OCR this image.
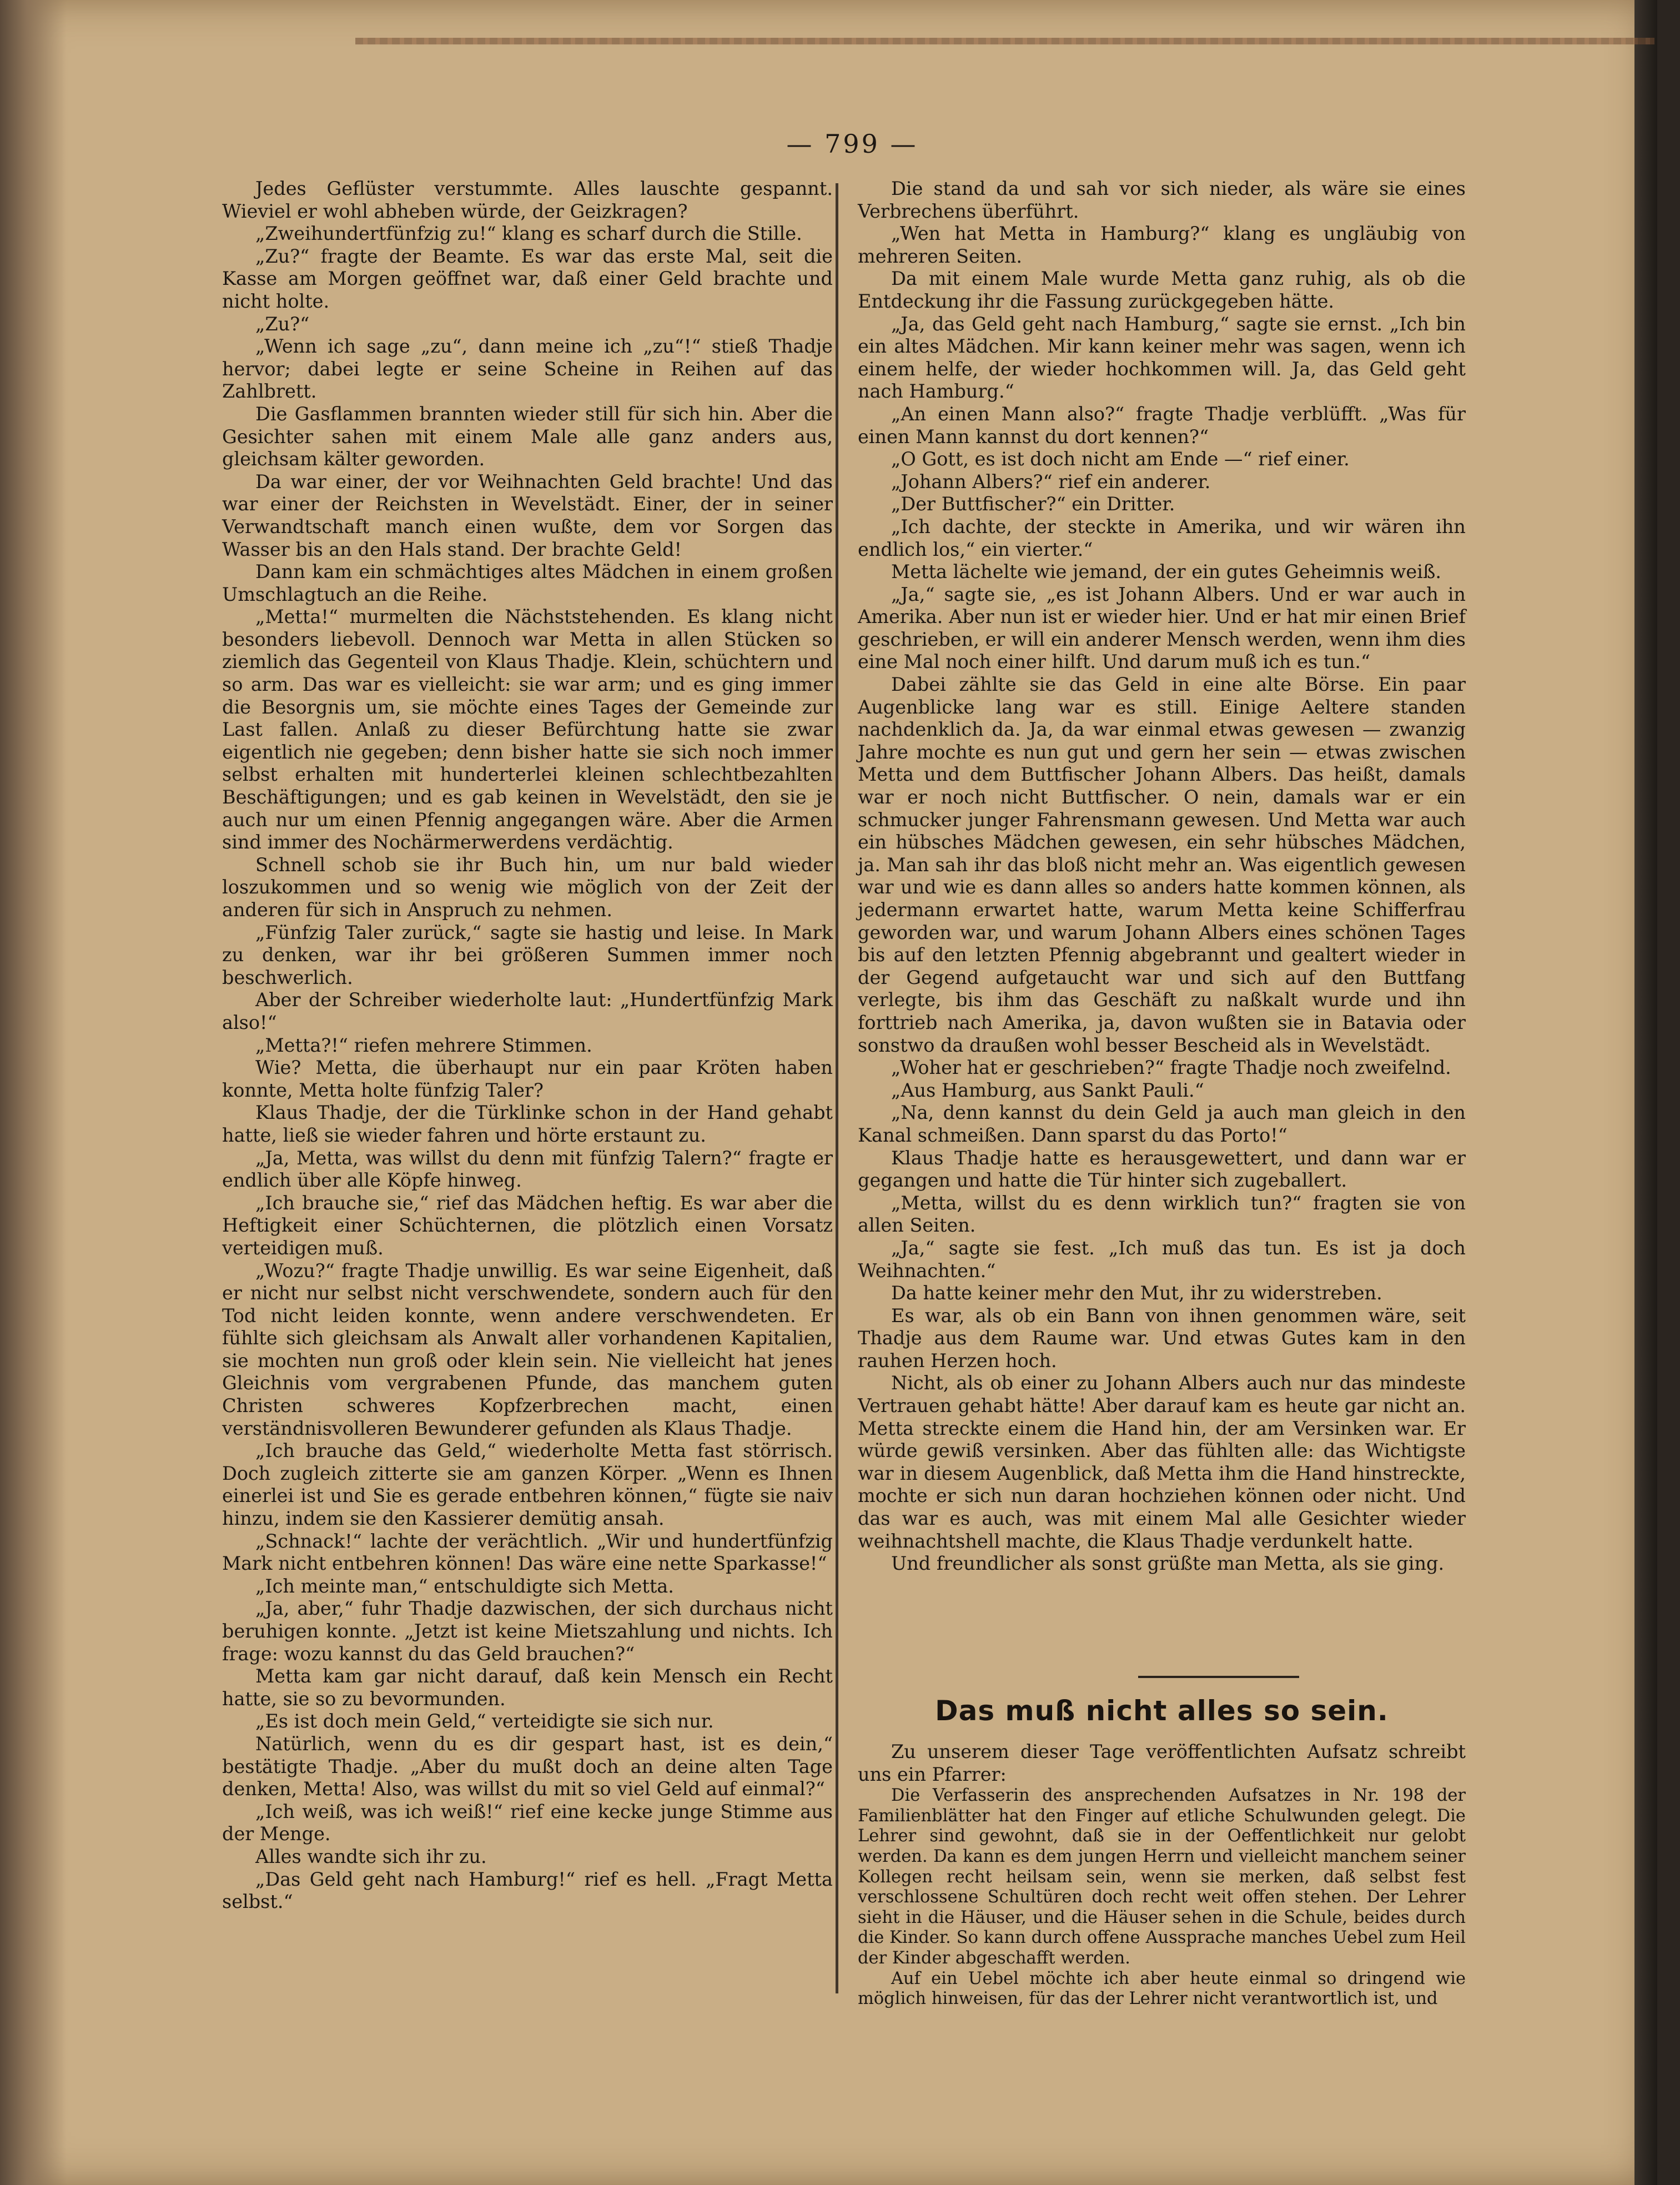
— 799 —

Jedes Geflüster verstummte. Alles lauschte gespannt. Wieviel er wohl abheben würde, der Geizkragen?

„Zweihundertfünfzig zu!“ klang es scharf durch die Stille.

„Zu?“ fragte der Beamte. Es war das erste Mal, seit die Kasse am Morgen geöffnet war, daß einer Geld brachte und nicht holte.

„Zu?“

„Wenn ich sage „zu“, dann meine ich „zu“!“ stieß Thadje hervor; dabei legte er seine Scheine in Reihen auf das Zahlbrett.

Die Gasflammen brannten wieder still für sich hin. Aber die Gesichter sahen mit einem Male alle ganz anders aus, gleichsam kälter geworden.

Da war einer, der vor Weihnachten Geld brachte! Und das war einer der Reichsten in Wevelstädt. Einer, der in seiner Verwandtschaft manch einen wußte, dem vor Sorgen das Wasser bis an den Hals stand. Der brachte Geld!

Dann kam ein schmächtiges altes Mädchen in einem großen Umschlagtuch an die Reihe.

„Metta!“ murmelten die Nächststehenden. Es klang nicht besonders liebevoll. Dennoch war Metta in allen Stücken so ziemlich das Gegenteil von Klaus Thadje. Klein, schüchtern und so arm. Das war es vielleicht: sie war arm; und es ging immer die Besorgnis um, sie möchte eines Tages der Gemeinde zur Last fallen. Anlaß zu dieser Befürchtung hatte sie zwar eigentlich nie gegeben; denn bisher hatte sie sich noch immer selbst erhalten mit hunderterlei kleinen schlechtbezahlten Beschäftigungen; und es gab keinen in Wevelstädt, den sie je auch nur um einen Pfennig angegangen wäre. Aber die Armen sind immer des Nochärmerwerdens verdächtig.

Schnell schob sie ihr Buch hin, um nur bald wieder loszukommen und so wenig wie möglich von der Zeit der anderen für sich in Anspruch zu nehmen.

„Fünfzig Taler zurück,“ sagte sie hastig und leise. In Mark zu denken, war ihr bei größeren Summen immer noch beschwerlich.

Aber der Schreiber wiederholte laut: „Hundertfünfzig Mark also!“

„Metta?!“ riefen mehrere Stimmen.

Wie? Metta, die überhaupt nur ein paar Kröten haben konnte, Metta holte fünfzig Taler?

Klaus Thadje, der die Türklinke schon in der Hand gehabt hatte, ließ sie wieder fahren und hörte erstaunt zu.

„Ja, Metta, was willst du denn mit fünfzig Talern?“ fragte er endlich über alle Köpfe hinweg.

„Ich brauche sie,“ rief das Mädchen heftig. Es war aber die Heftigkeit einer Schüchternen, die plötzlich einen Vorsatz verteidigen muß.

„Wozu?“ fragte Thadje unwillig. Es war seine Eigenheit, daß er nicht nur selbst nicht verschwendete, sondern auch für den Tod nicht leiden konnte, wenn andere verschwendeten. Er fühlte sich gleichsam als Anwalt aller vorhandenen Kapitalien, sie mochten nun groß oder klein sein. Nie vielleicht hat jenes Gleichnis vom vergrabenen Pfunde, das manchem guten Christen schweres Kopfzerbrechen macht, einen verständnisvolleren Bewunderer gefunden als Klaus Thadje.

„Ich brauche das Geld,“ wiederholte Metta fast störrisch. Doch zugleich zitterte sie am ganzen Körper. „Wenn es Ihnen einerlei ist und Sie es gerade entbehren können,“ fügte sie naiv hinzu, indem sie den Kassierer demütig ansah.

„Schnack!“ lachte der verächtlich. „Wir und hundertfünfzig Mark nicht entbehren können! Das wäre eine nette Sparkasse!“

„Ich meinte man,“ entschuldigte sich Metta.

„Ja, aber,“ fuhr Thadje dazwischen, der sich durchaus nicht beruhigen konnte. „Jetzt ist keine Mietszahlung und nichts. Ich frage: wozu kannst du das Geld brauchen?“

Metta kam gar nicht darauf, daß kein Mensch ein Recht hatte, sie so zu bevormunden.

„Es ist doch mein Geld,“ verteidigte sie sich nur.

Natürlich, wenn du es dir gespart hast, ist es dein,“ bestätigte Thadje. „Aber du mußt doch an deine alten Tage denken, Metta! Also, was willst du mit so viel Geld auf einmal?“

„Ich weiß, was ich weiß!“ rief eine kecke junge Stimme aus der Menge.

Alles wandte sich ihr zu.

„Das Geld geht nach Hamburg!“ rief es hell. „Fragt Metta selbst.“

Die stand da und sah vor sich nieder, als wäre sie eines Verbrechens überführt.

„Wen hat Metta in Hamburg?“ klang es ungläubig von mehreren Seiten.

Da mit einem Male wurde Metta ganz ruhig, als ob die Entdeckung ihr die Fassung zurückgegeben hätte.

„Ja, das Geld geht nach Hamburg,“ sagte sie ernst. „Ich bin ein altes Mädchen. Mir kann keiner mehr was sagen, wenn ich einem helfe, der wieder hochkommen will. Ja, das Geld geht nach Hamburg.“

„An einen Mann also?“ fragte Thadje verblüfft. „Was für einen Mann kannst du dort kennen?“

„O Gott, es ist doch nicht am Ende —“ rief einer.

„Johann Albers?“ rief ein anderer.

„Der Buttfischer?“ ein Dritter.

„Ich dachte, der steckte in Amerika, und wir wären ihn endlich los,“ ein vierter.“

Metta lächelte wie jemand, der ein gutes Geheimnis weiß.

„Ja,“ sagte sie, „es ist Johann Albers. Und er war auch in Amerika. Aber nun ist er wieder hier. Und er hat mir einen Brief geschrieben, er will ein anderer Mensch werden, wenn ihm dies eine Mal noch einer hilft. Und darum muß ich es tun.“

Dabei zählte sie das Geld in eine alte Börse. Ein paar Augenblicke lang war es still. Einige Aeltere standen nachdenklich da. Ja, da war einmal etwas gewesen — zwanzig Jahre mochte es nun gut und gern her sein — etwas zwischen Metta und dem Buttfischer Johann Albers. Das heißt, damals war er noch nicht Buttfischer. O nein, damals war er ein schmucker junger Fahrensmann gewesen. Und Metta war auch ein hübsches Mädchen gewesen, ein sehr hübsches Mädchen, ja. Man sah ihr das bloß nicht mehr an. Was eigentlich gewesen war und wie es dann alles so anders hatte kommen können, als jedermann erwartet hatte, warum Metta keine Schifferfrau geworden war, und warum Johann Albers eines schönen Tages bis auf den letzten Pfennig abgebrannt und gealtert wieder in der Gegend aufgetaucht war und sich auf den Buttfang verlegte, bis ihm das Geschäft zu naßkalt wurde und ihn forttrieb nach Amerika, ja, davon wußten sie in Batavia oder sonstwo da draußen wohl besser Bescheid als in Wevelstädt.

„Woher hat er geschrieben?“ fragte Thadje noch zweifelnd.

„Aus Hamburg, aus Sankt Pauli.“

„Na, denn kannst du dein Geld ja auch man gleich in den Kanal schmeißen. Dann sparst du das Porto!“

Klaus Thadje hatte es herausgewettert, und dann war er gegangen und hatte die Tür hinter sich zugeballert.

„Metta, willst du es denn wirklich tun?“ fragten sie von allen Seiten.

„Ja,“ sagte sie fest. „Ich muß das tun. Es ist ja doch Weihnachten.“

Da hatte keiner mehr den Mut, ihr zu widerstreben.

Es war, als ob ein Bann von ihnen genommen wäre, seit Thadje aus dem Raume war. Und etwas Gutes kam in den rauhen Herzen hoch.

Nicht, als ob einer zu Johann Albers auch nur das mindeste Vertrauen gehabt hätte! Aber darauf kam es heute gar nicht an. Metta streckte einem die Hand hin, der am Versinken war. Er würde gewiß versinken. Aber das fühlten alle: das Wichtigste war in diesem Augenblick, daß Metta ihm die Hand hinstreckte, mochte er sich nun daran hochziehen können oder nicht. Und das war es auch, was mit einem Mal alle Gesichter wieder weihnachtshell machte, die Klaus Thadje verdunkelt hatte.

Und freundlicher als sonst grüßte man Metta, als sie ging.

Das muß nicht alles so sein.

Zu unserem dieser Tage veröffentlichten Aufsatz schreibt uns ein Pfarrer:

Die Verfasserin des ansprechenden Aufsatzes in Nr. 198 der Familienblätter hat den Finger auf etliche Schulwunden gelegt. Die Lehrer sind gewohnt, daß sie in der Oeffentlichkeit nur gelobt werden. Da kann es dem jungen Herrn und vielleicht manchem seiner Kollegen recht heilsam sein, wenn sie merken, daß selbst fest verschlossene Schultüren doch recht weit offen stehen. Der Lehrer sieht in die Häuser, und die Häuser sehen in die Schule, beides durch die Kinder. So kann durch offene Aussprache manches Uebel zum Heil der Kinder abgeschafft werden.

Auf ein Uebel möchte ich aber heute einmal so dringend wie möglich hinweisen, für das der Lehrer nicht verantwortlich ist, und
